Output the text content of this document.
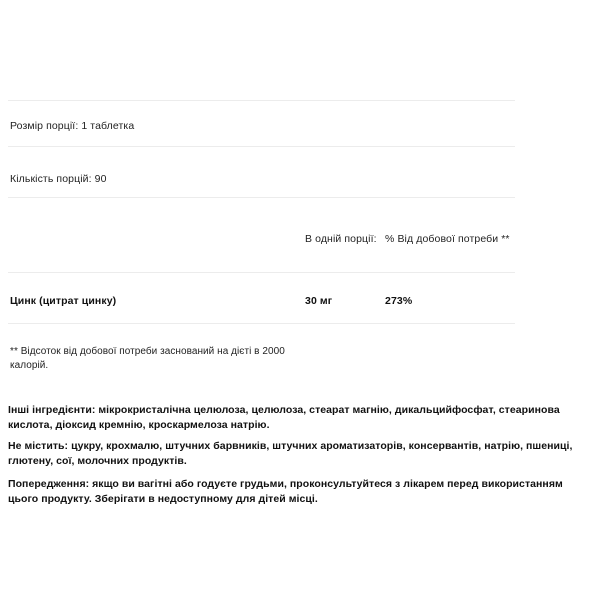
Розмір порції: 1 таблетка
Кількість порцій: 90
В одній порції: % Від добової потреби **
Цинк (цитрат цинку)	30 мг	273%
** Відсоток від добової потреби заснований на дієті в 2000 калорій.
Інші інгредієнти: мікрокристалічна целюлоза, целюлоза, стеарат магнію, дикальцийфосфат, стеаринова кислота, діоксид кремнію, кроскармелоза натрію.
Не містить: цукру, крохмалю, штучних барвників, штучних ароматизаторів, консервантів, натрію, пшениці, глютену, сої, молочних продуктів.
Попередження: якщо ви вагітні або годуєте грудьми, проконсультуйтеся з лікарем перед використанням цього продукту. Зберігати в недоступному для дітей місці.
